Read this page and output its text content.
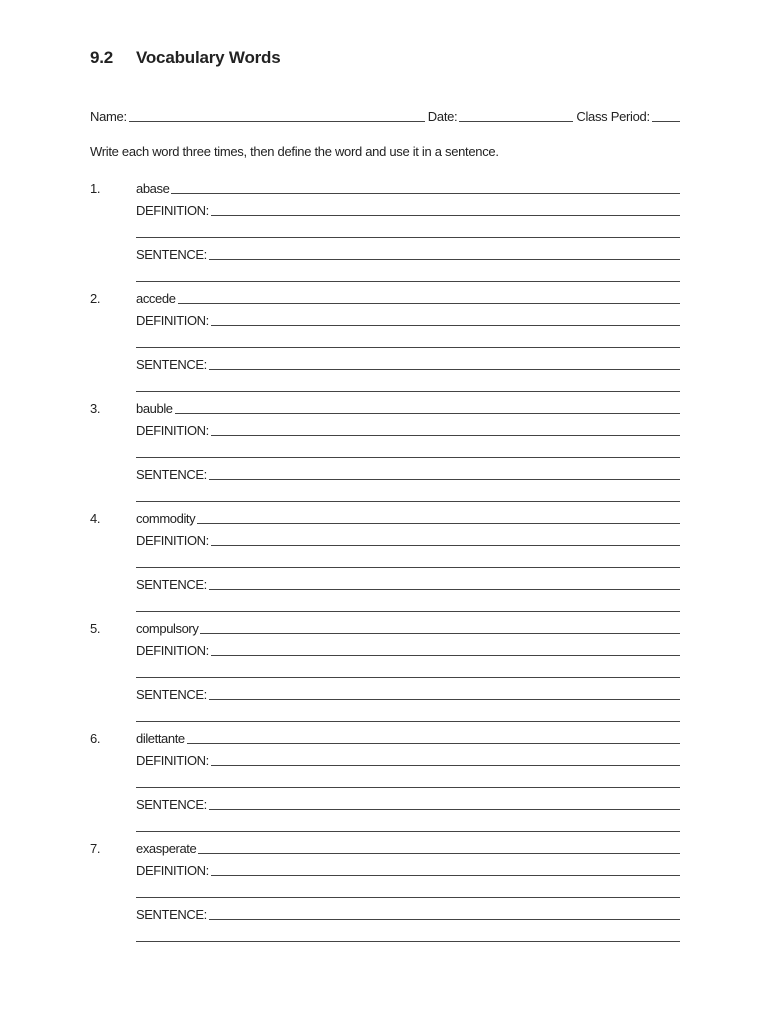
9.2 Vocabulary Words
Name:	Date:	Class Period:
Write each word three times, then define the word and use it in a sentence.
1.	abase
DEFINITION:
SENTENCE:
2.	accede
DEFINITION:
SENTENCE:
3.	bauble
DEFINITION:
SENTENCE:
4.	commodity
DEFINITION:
SENTENCE:
5.	compulsory
DEFINITION:
SENTENCE:
6.	dilettante
DEFINITION:
SENTENCE:
7.	exasperate
DEFINITION:
SENTENCE:
